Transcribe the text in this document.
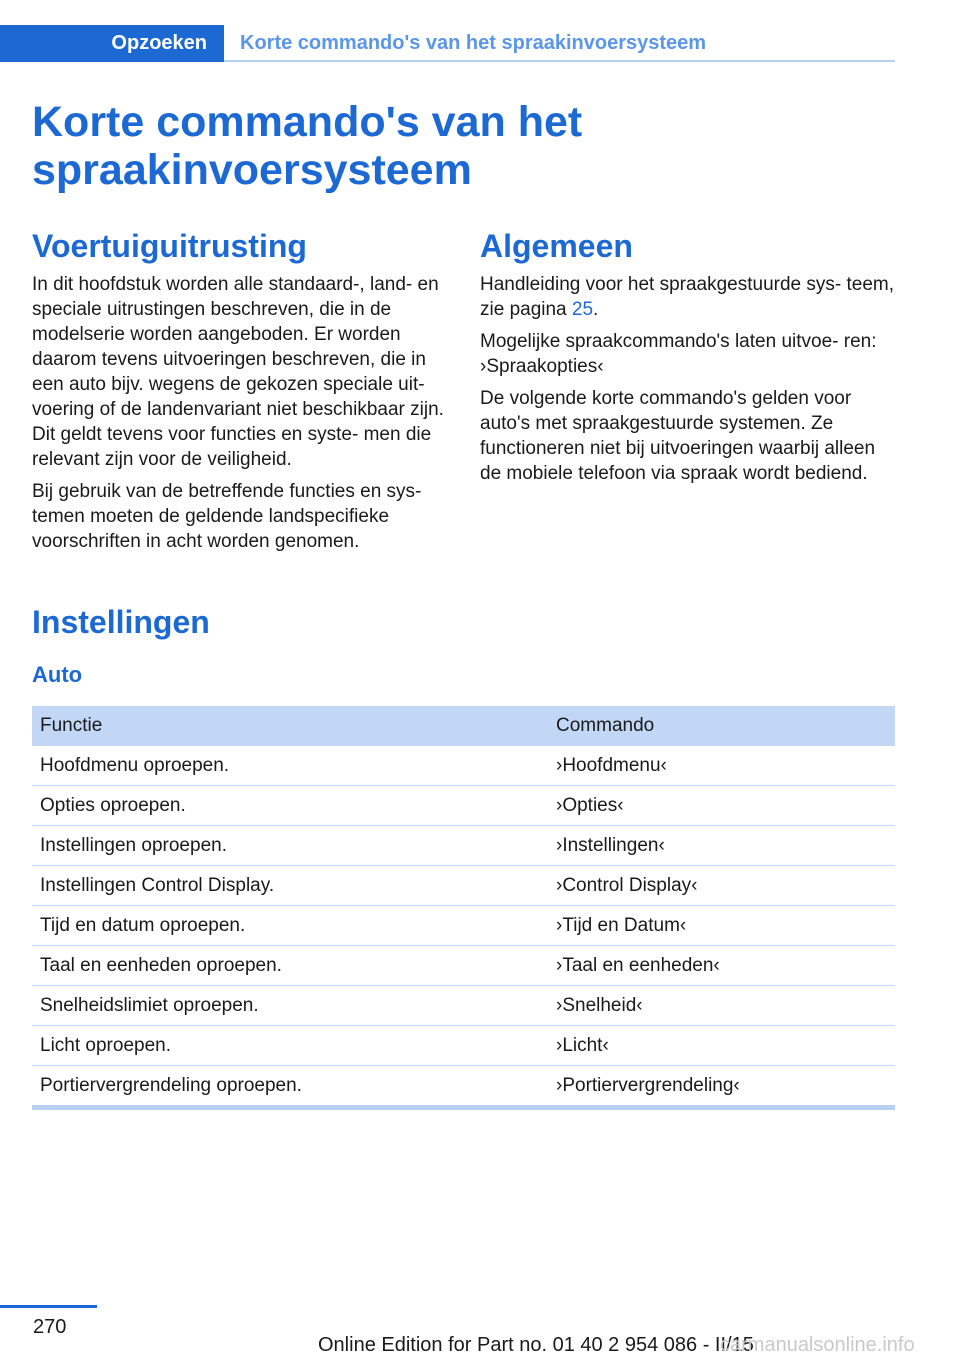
Opzoeken	Korte commando's van het spraakinvoersysteem
Korte commando's van het spraakinvoersysteem
Voertuiguitrusting

In dit hoofdstuk worden alle standaard-, land- en speciale uitrustingen beschreven, die in de modelserie worden aangeboden. Er worden daarom tevens uitvoeringen beschreven, die in een auto bijv. wegens de gekozen speciale uit- voering of de landenvariant niet beschikbaar zijn. Dit geldt tevens voor functies en syste- men die relevant zijn voor de veiligheid.

Bij gebruik van de betreffende functies en sys- temen moeten de geldende landspecifieke voorschriften in acht worden genomen.

Algemeen

Handleiding voor het spraakgestuurde sys- teem, zie pagina 25.

Mogelijke spraakcommando's laten uitvoe- ren: ›Spraakopties‹

De volgende korte commando's gelden voor auto's met spraakgestuurde systemen. Ze functioneren niet bij uitvoeringen waarbij alleen de mobiele telefoon via spraak wordt bediend.

Instellingen
Auto
Functie	Commando
Hoofdmenu oproepen.	›Hoofdmenu‹
Opties oproepen.	›Opties‹
Instellingen oproepen.	›Instellingen‹
Instellingen Control Display.	›Control Display‹
Tijd en datum oproepen.	›Tijd en Datum‹
Taal en eenheden oproepen.	›Taal en eenheden‹
Snelheidslimiet oproepen.	›Snelheid‹
Licht oproepen.	›Licht‹
Portiervergrendeling oproepen.	›Portiervergrendeling‹
270
Online Edition for Part no. 01 40 2 954 086 - II/15
carmanualsonline.info
